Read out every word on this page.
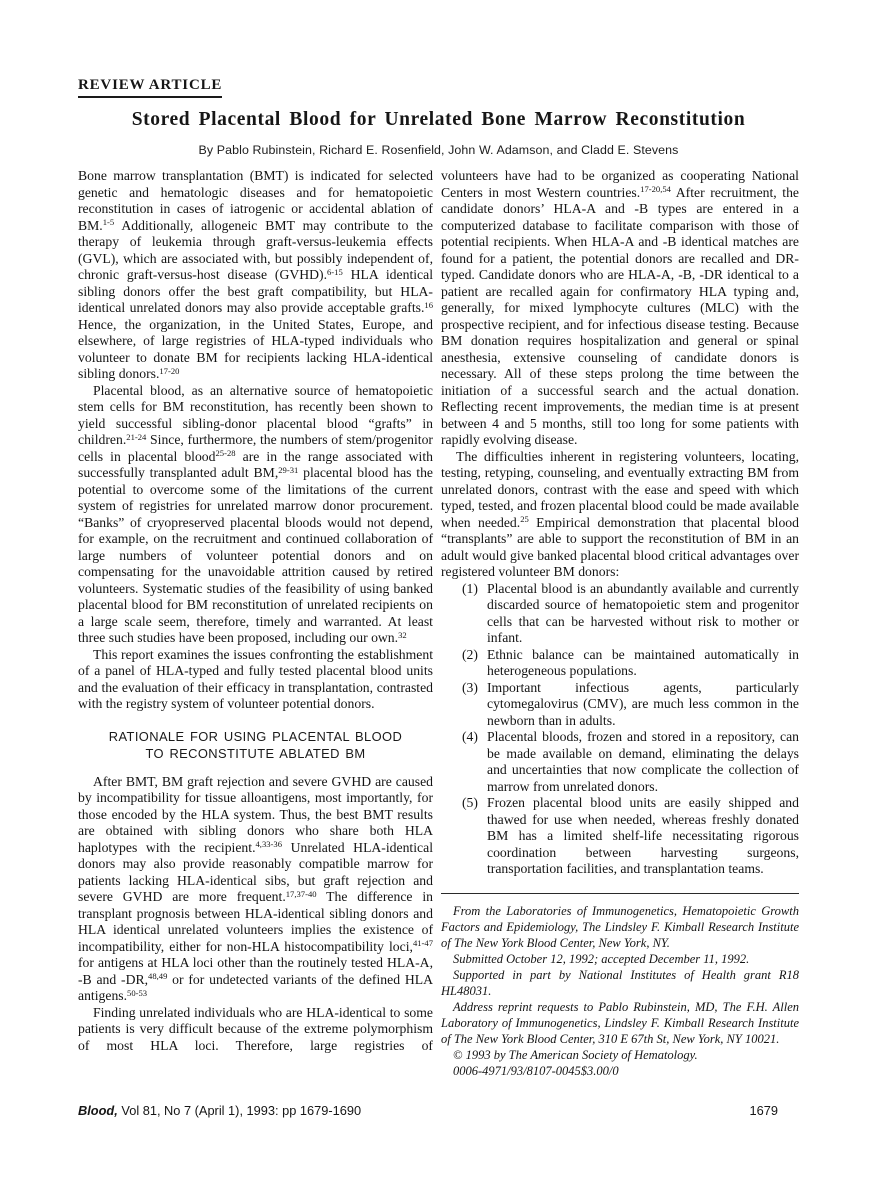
REVIEW ARTICLE
Stored Placental Blood for Unrelated Bone Marrow Reconstitution
By Pablo Rubinstein, Richard E. Rosenfield, John W. Adamson, and Cladd E. Stevens

Bone marrow transplantation (BMT) is indicated for selected genetic and hematologic diseases and for hematopoietic reconstitution in cases of iatrogenic or accidental ablation of BM.$^{1-5}$ Additionally, allogeneic BMT may contribute to the therapy of leukemia through graft-versus-leukemia effects (GVL), which are associated with, but possibly independent of, chronic graft-versus-host disease (GVHD).$^{6-15}$ HLA identical sibling donors offer the best graft compatibility, but HLA-identical unrelated donors may also provide acceptable grafts.$^{16}$ Hence, the organization, in the United States, Europe, and elsewhere, of large registries of HLA-typed individuals who volunteer to donate BM for recipients lacking HLA-identical sibling donors.$^{17-20}$

Placental blood, as an alternative source of hematopoietic stem cells for BM reconstitution, has recently been shown to yield successful sibling-donor placental blood “grafts” in children.$^{21-24}$ Since, furthermore, the numbers of stem/progenitor cells in placental blood$^{25-28}$ are in the range associated with successfully transplanted adult BM,$^{29-31}$ placental blood has the potential to overcome some of the limitations of the current system of registries for unrelated marrow donor procurement. “Banks” of cryopreserved placental bloods would not depend, for example, on the recruitment and continued collaboration of large numbers of volunteer potential donors and on compensating for the unavoidable attrition caused by retired volunteers. Systematic studies of the feasibility of using banked placental blood for BM reconstitution of unrelated recipients on a large scale seem, therefore, timely and warranted. At least three such studies have been proposed, including our own.$^{32}$

This report examines the issues confronting the establishment of a panel of HLA-typed and fully tested placental blood units and the evaluation of their efficacy in transplantation, contrasted with the registry system of volunteer potential donors.

RATIONALE FOR USING PLACENTAL BLOOD
TO RECONSTITUTE ABLATED BM

After BMT, BM graft rejection and severe GVHD are caused by incompatibility for tissue alloantigens, most importantly, for those encoded by the HLA system. Thus, the best BMT results are obtained with sibling donors who share both HLA haplotypes with the recipient.$^{4,33-36}$ Unrelated HLA-identical donors may also provide reasonably compatible marrow for patients lacking HLA-identical sibs, but graft rejection and severe GVHD are more frequent.$^{17,37-40}$ The difference in transplant prognosis between HLA-identical sibling donors and HLA identical unrelated volunteers implies the existence of incompatibility, either for non-HLA histocompatibility loci,$^{41-47}$ for antigens at HLA loci other than the routinely tested HLA-A, -B and -DR,$^{48,49}$ or for undetected variants of the defined HLA antigens.$^{50-53}$

Finding unrelated individuals who are HLA-identical to some patients is very difficult because of the extreme polymorphism of most HLA loci. Therefore, large registries of

volunteers have had to be organized as cooperating National Centers in most Western countries.$^{17-20,54}$ After recruitment, the candidate donors’ HLA-A and -B types are entered in a computerized database to facilitate comparison with those of potential recipients. When HLA-A and -B identical matches are found for a patient, the potential donors are recalled and DR-typed. Candidate donors who are HLA-A, -B, -DR identical to a patient are recalled again for confirmatory HLA typing and, generally, for mixed lymphocyte cultures (MLC) with the prospective recipient, and for infectious disease testing. Because BM donation requires hospitalization and general or spinal anesthesia, extensive counseling of candidate donors is necessary. All of these steps prolong the time between the initiation of a successful search and the actual donation. Reflecting recent improvements, the median time is at present between 4 and 5 months, still too long for some patients with rapidly evolving disease.

The difficulties inherent in registering volunteers, locating, testing, retyping, counseling, and eventually extracting BM from unrelated donors, contrast with the ease and speed with which typed, tested, and frozen placental blood could be made available when needed.$^{25}$ Empirical demonstration that placental blood “transplants” are able to support the reconstitution of BM in an adult would give banked placental blood critical advantages over registered volunteer BM donors:

(1) Placental blood is an abundantly available and currently discarded source of hematopoietic stem and progenitor cells that can be harvested without risk to mother or infant.
(2) Ethnic balance can be maintained automatically in heterogeneous populations.
(3) Important infectious agents, particularly cytomegalovirus (CMV), are much less common in the newborn than in adults.
(4) Placental bloods, frozen and stored in a repository, can be made available on demand, eliminating the delays and uncertainties that now complicate the collection of marrow from unrelated donors.
(5) Frozen placental blood units are easily shipped and thawed for use when needed, whereas freshly donated BM has a limited shelf-life necessitating rigorous coordination between harvesting surgeons, transportation facilities, and transplantation teams.

From the Laboratories of Immunogenetics, Hematopoietic Growth Factors and Epidemiology, The Lindsley F. Kimball Research Institute of The New York Blood Center, New York, NY.

Submitted October 12, 1992; accepted December 11, 1992.

Supported in part by National Institutes of Health grant R18 HL48031.

Address reprint requests to Pablo Rubinstein, MD, The F.H. Allen Laboratory of Immunogenetics, Lindsley F. Kimball Research Institute of The New York Blood Center, 310 E 67th St, New York, NY 10021.

© 1993 by The American Society of Hematology.

0006-4971/93/8107-0045$3.00/0

Blood, Vol 81, No 7 (April 1), 1993: pp 1679-1690	1679
